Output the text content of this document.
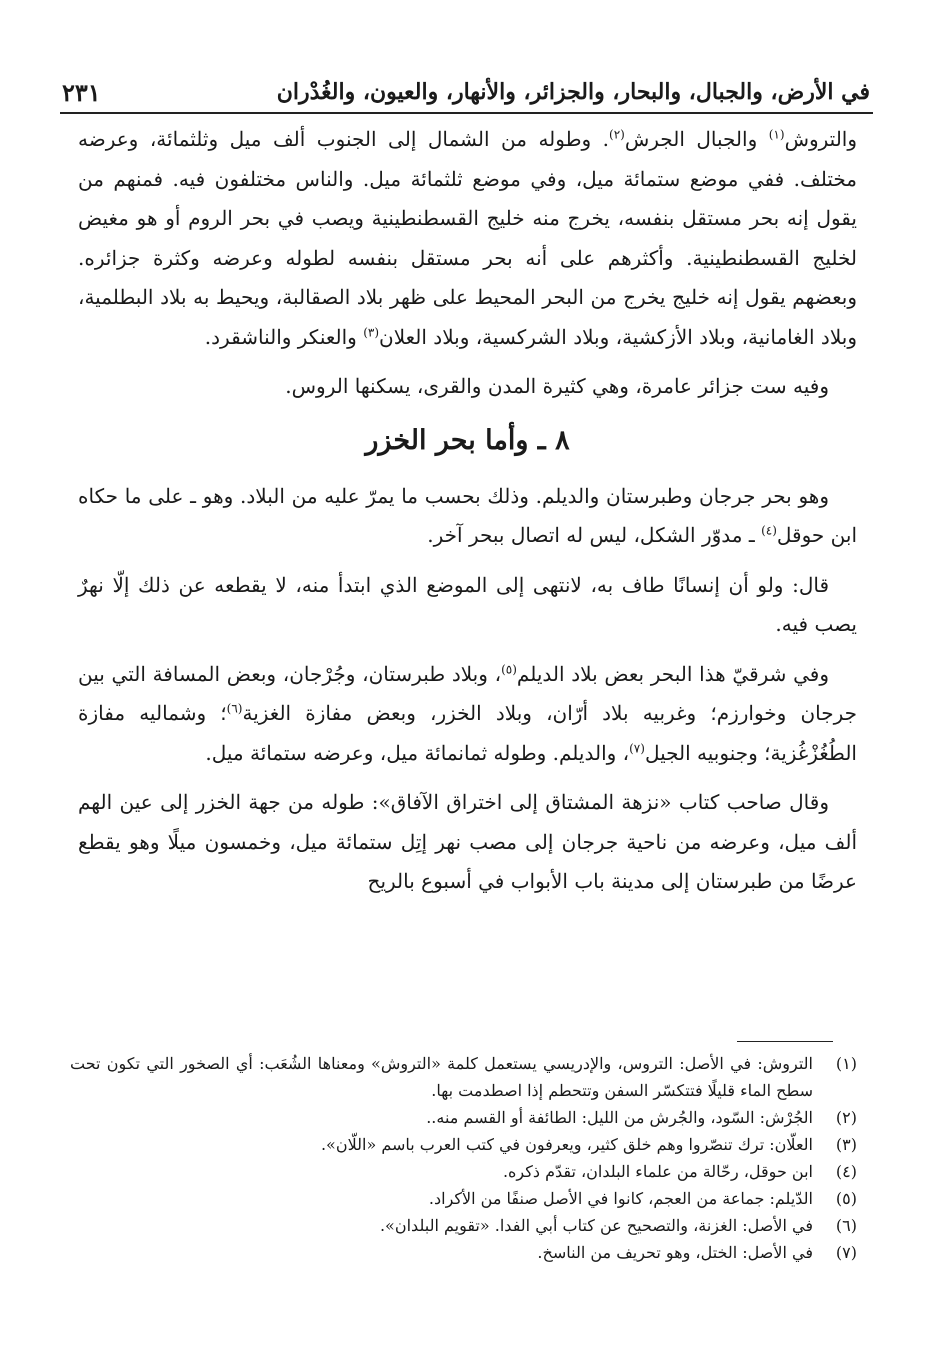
في الأرض، والجبال، والبحار، والجزائر، والأنهار، والعيون، والغُدْران
٢٣١

والتروش$^{(١)}$ والجبال الجرش$^{(٢)}$. وطوله من الشمال إلى الجنوب ألف ميل وثلثمائة، وعرضه مختلف. ففي موضع ستمائة ميل، وفي موضع ثلثمائة ميل. والناس مختلفون فيه. فمنهم من يقول إنه بحر مستقل بنفسه، يخرج منه خليج القسطنطينية ويصب في بحر الروم أو هو مغيض لخليج القسطنطينية. وأكثرهم على أنه بحر مستقل بنفسه لطوله وعرضه وكثرة جزائره. وبعضهم يقول إنه خليج يخرج من البحر المحيط على ظهر بلاد الصقالبة، ويحيط به بلاد البطلمية، وبلاد الغامانية، وبلاد الأزكشية، وبلاد الشركسية، وبلاد العلان$^{(٣)}$ والعنكر والناشقرد.

وفيه ست جزائر عامرة، وهي كثيرة المدن والقرى، يسكنها الروس.

٨ ـ وأما بحر الخزر

وهو بحر جرجان وطبرستان والديلم. وذلك بحسب ما يمرّ عليه من البلاد. وهو ـ على ما حكاه ابن حوقل$^{(٤)}$ ـ مدوّر الشكل، ليس له اتصال ببحر آخر.

قال: ولو أن إنسانًا طاف به، لانتهى إلى الموضع الذي ابتدأ منه، لا يقطعه عن ذلك إلّا نهرٌ يصب فيه.

وفي شرقيّ هذا البحر بعض بلاد الديلم$^{(٥)}$، وبلاد طبرستان، وجُرْجان، وبعض المسافة التي بين جرجان وخوارزم؛ وغربيه بلاد أرّان، وبلاد الخزر، وبعض مفازة الغزية$^{(٦)}$؛ وشماليه مفازة الطُغُزْغُزية؛ وجنوبيه الجيل$^{(٧)}$، والديلم. وطوله ثمانمائة ميل، وعرضه ستمائة ميل.

وقال صاحب كتاب «نزهة المشتاق إلى اختراق الآفاق»: طوله من جهة الخزر إلى عين الهم ألف ميل، وعرضه من ناحية جرجان إلى مصب نهر إتِل ستمائة ميل، وخمسون ميلًا وهو يقطع عرضًا من طبرستان إلى مدينة باب الأبواب في أسبوع بالريح

(١)
التروش: في الأصل: التروس، والإدريسي يستعمل كلمة «التروش» ومعناها الشُعَب: أي الصخور التي تكون تحت سطح الماء قليلًا فتتكسّر السفن وتتحطم إذا اصطدمت بها.
(٢)
الجُرْش: السّود، والجُرش من الليل: الطائفة أو القسم منه..
(٣)
العلّان: ترك تنصّروا وهم خلق كثير، ويعرفون في كتب العرب باسم «اللّان».
(٤)
ابن حوقل، رحّالة من علماء البلدان، تقدّم ذكره.
(٥)
الدّيلم: جماعة من العجم، كانوا في الأصل صنفًا من الأكراد.
(٦)
في الأصل: الغزنة، والتصحيح عن كتاب أبي الفدا. «تقويم البلدان».
(٧)
في الأصل: الختل، وهو تحريف من الناسخ.
